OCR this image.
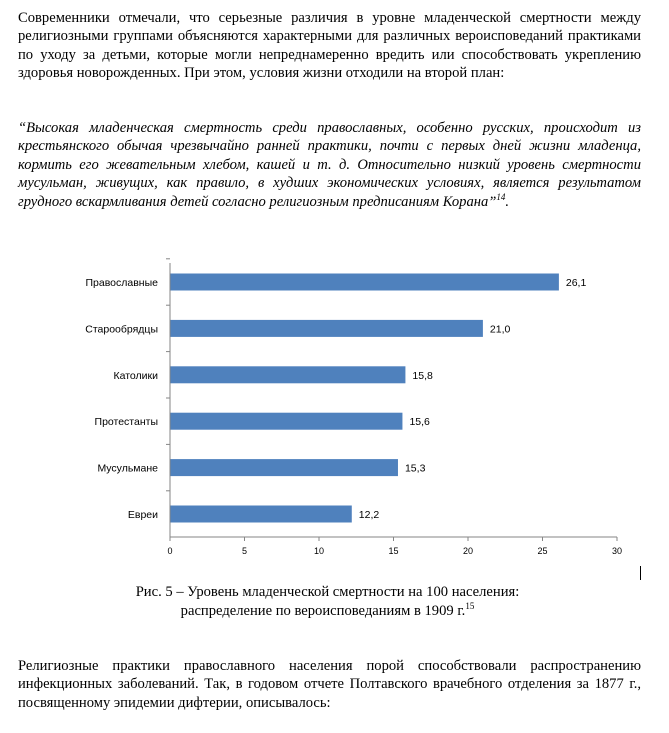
Современники отмечали, что серьезные различия в уровне младенческой смертности между религиозными группами объясняются характерными для различных вероисповеданий практиками по уходу за детьми, которые могли непреднамеренно вредить или способствовать укреплению здоровья новорожденных. При этом, условия жизни отходили на второй план:

“Высокая младенческая смертность среди православных, особенно русских, происходит из крестьянского обычая чрезвычайно ранней практики, почти с первых дней жизни младенца, кормить его жевательным хлебом, кашей и т. д. Относительно низкий уровень смертности мусульман, живущих, как правило, в худших экономических условиях, является результатом грудного вскармливания детей согласно религиозным предписаниям Корана”$^{14}$.

Православные	26,1
Старообрядцы	21,0
Католики	15,8
Протестанты	15,6
Мусульмане	15,3
Евреи	12,2
0	5	10	15	20	25	30
Рис. 5 – Уровень младенческой смертности на 100 населения:
распределение по вероисповеданиям в 1909 г.$^{15}$

Религиозные практики православного населения порой способствовали распространению инфекционных заболеваний. Так, в годовом отчете Полтавского врачебного отделения за 1877 г., посвященному эпидемии дифтерии, описывалось:
